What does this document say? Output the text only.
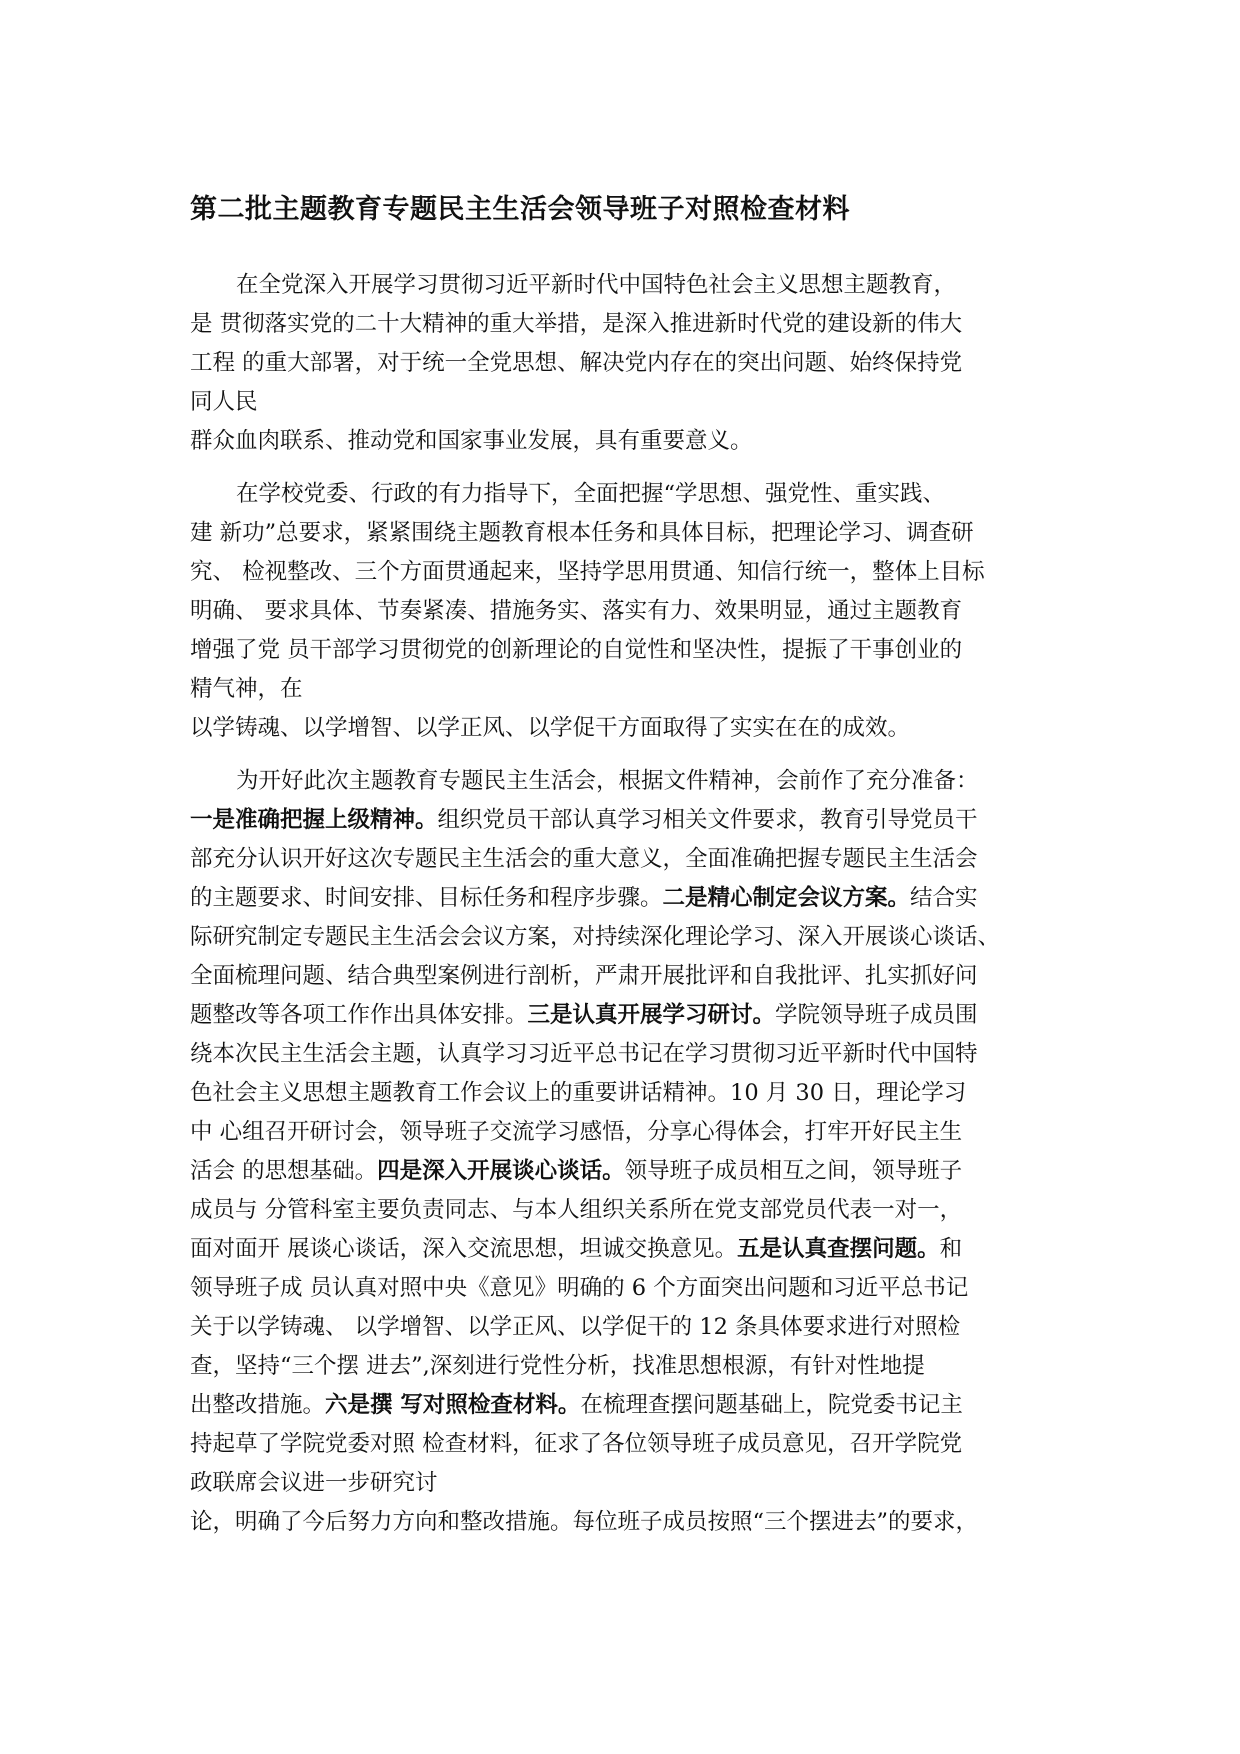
第二批主题教育专题民主生活会领导班子对照检查材料

在全党深入开展学习贯彻习近平新时代中国特色社会主义思想主题教育，
是 贯彻落实党的二十大精神的重大举措，是深入推进新时代党的建设新的伟大
工程 的重大部署，对于统一全党思想、解决党内存在的突出问题、始终保持党
同人民
群众血肉联系、推动党和国家事业发展，具有重要意义。

在学校党委、行政的有力指导下，全面把握“学思想、强党性、重实践、
建 新功”总要求，紧紧围绕主题教育根本任务和具体目标，把理论学习、调查研
究、 检视整改、三个方面贯通起来，坚持学思用贯通、知信行统一，整体上目标
明确、 要求具体、节奏紧凑、措施务实、落实有力、效果明显，通过主题教育
增强了党 员干部学习贯彻党的创新理论的自觉性和坚决性，提振了干事创业的
精气神，在
以学铸魂、以学增智、以学正风、以学促干方面取得了实实在在的成效。

为开好此次主题教育专题民主生活会，根据文件精神，会前作了充分准备：
一是准确把握上级精神。组织党员干部认真学习相关文件要求，教育引导党员干
部充分认识开好这次专题民主生活会的重大意义，全面准确把握专题民主生活会
的主题要求、时间安排、目标任务和程序步骤。二是精心制定会议方案。结合实
际研究制定专题民主生活会会议方案，对持续深化理论学习、深入开展谈心谈话、
全面梳理问题、结合典型案例进行剖析，严肃开展批评和自我批评、扎实抓好问
题整改等各项工作作出具体安排。三是认真开展学习研讨。学院领导班子成员围
绕本次民主生活会主题，认真学习习近平总书记在学习贯彻习近平新时代中国特
色社会主义思想主题教育工作会议上的重要讲话精神。10 月 30 日，理论学习
中 心组召开研讨会，领导班子交流学习感悟，分享心得体会，打牢开好民主生
活会 的思想基础。四是深入开展谈心谈话。领导班子成员相互之间，领导班子
成员与 分管科室主要负责同志、与本人组织关系所在党支部党员代表一对一，
面对面开 展谈心谈话，深入交流思想，坦诚交换意见。五是认真查摆问题。和
领导班子成 员认真对照中央《意见》明确的 6 个方面突出问题和习近平总书记
关于以学铸魂、 以学增智、以学正风、以学促干的 12 条具体要求进行对照检
查，坚持“三个摆 进去”,深刻进行党性分析，找准思想根源，有针对性地提
出整改措施。六是撰 写对照检查材料。在梳理查摆问题基础上，院党委书记主
持起草了学院党委对照 检查材料，征求了各位领导班子成员意见，召开学院党
政联席会议进一步研究讨
论，明确了今后努力方向和整改措施。每位班子成员按照“三个摆进去”的要求，
